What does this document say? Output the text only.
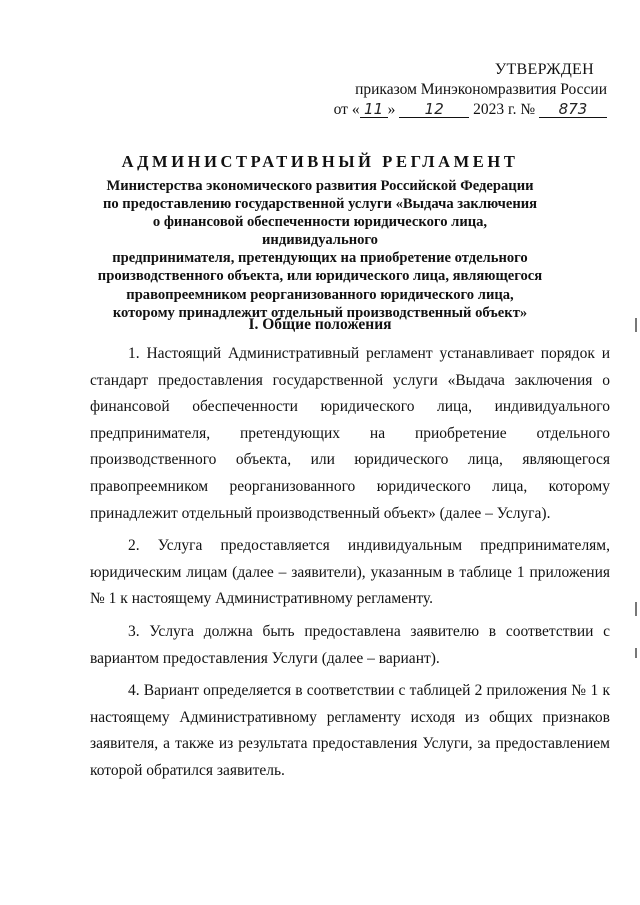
УТВЕРЖДЕН
приказом Минэкономразвития России
от « 11 » 12 2023 г. № 873
АДМИНИСТРАТИВНЫЙ РЕГЛАМЕНТ
Министерства экономического развития Российской Федерации
по предоставлению государственной услуги «Выдача заключения
о финансовой обеспеченности юридического лица, индивидуального
предпринимателя, претендующих на приобретение отдельного
производственного объекта, или юридического лица, являющегося
правопреемником реорганизованного юридического лица,
которому принадлежит отдельный производственный объект»
I. Общие положения

1. Настоящий Административный регламент устанавливает порядок и стандарт предоставления государственной услуги «Выдача заключения о финансовой обеспеченности юридического лица, индивидуального предпринимателя, претендующих на приобретение отдельного производственного объекта, или юридического лица, являющегося правопреемником реорганизованного юридического лица, которому принадлежит отдельный производственный объект» (далее – Услуга).

2. Услуга предоставляется индивидуальным предпринимателям, юридическим лицам (далее – заявители), указанным в таблице 1 приложения № 1 к настоящему Административному регламенту.

3. Услуга должна быть предоставлена заявителю в соответствии с вариантом предоставления Услуги (далее – вариант).

4. Вариант определяется в соответствии с таблицей 2 приложения № 1 к настоящему Административному регламенту исходя из общих признаков заявителя, а также из результата предоставления Услуги, за предоставлением которой обратился заявитель.
